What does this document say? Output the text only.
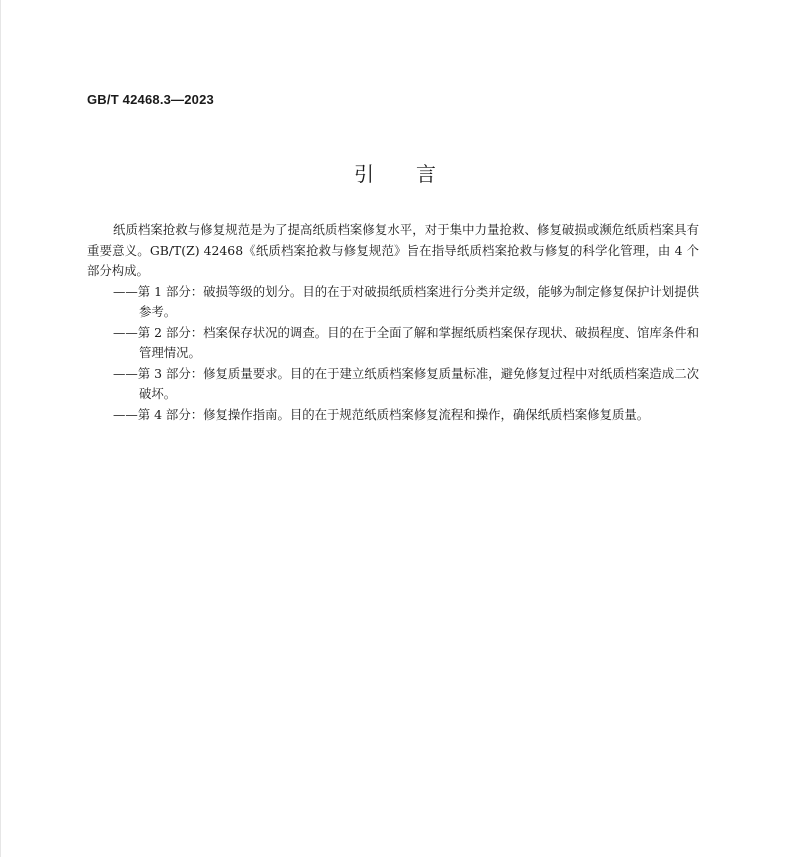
GB/T 42468.3—2023
引言

纸质档案抢救与修复规范是为了提高纸质档案修复水平，对于集中力量抢救、修复破损或濒危纸质档案具有重要意义。GB/T(Z) 42468《纸质档案抢救与修复规范》旨在指导纸质档案抢救与修复的科学化管理，由 4 个部分构成。

——第 1 部分：破损等级的划分。目的在于对破损纸质档案进行分类并定级，能够为制定修复保护计划提供参考。
——第 2 部分：档案保存状况的调查。目的在于全面了解和掌握纸质档案保存现状、破损程度、馆库条件和管理情况。
——第 3 部分：修复质量要求。目的在于建立纸质档案修复质量标准，避免修复过程中对纸质档案造成二次破坏。
——第 4 部分：修复操作指南。目的在于规范纸质档案修复流程和操作，确保纸质档案修复质量。
